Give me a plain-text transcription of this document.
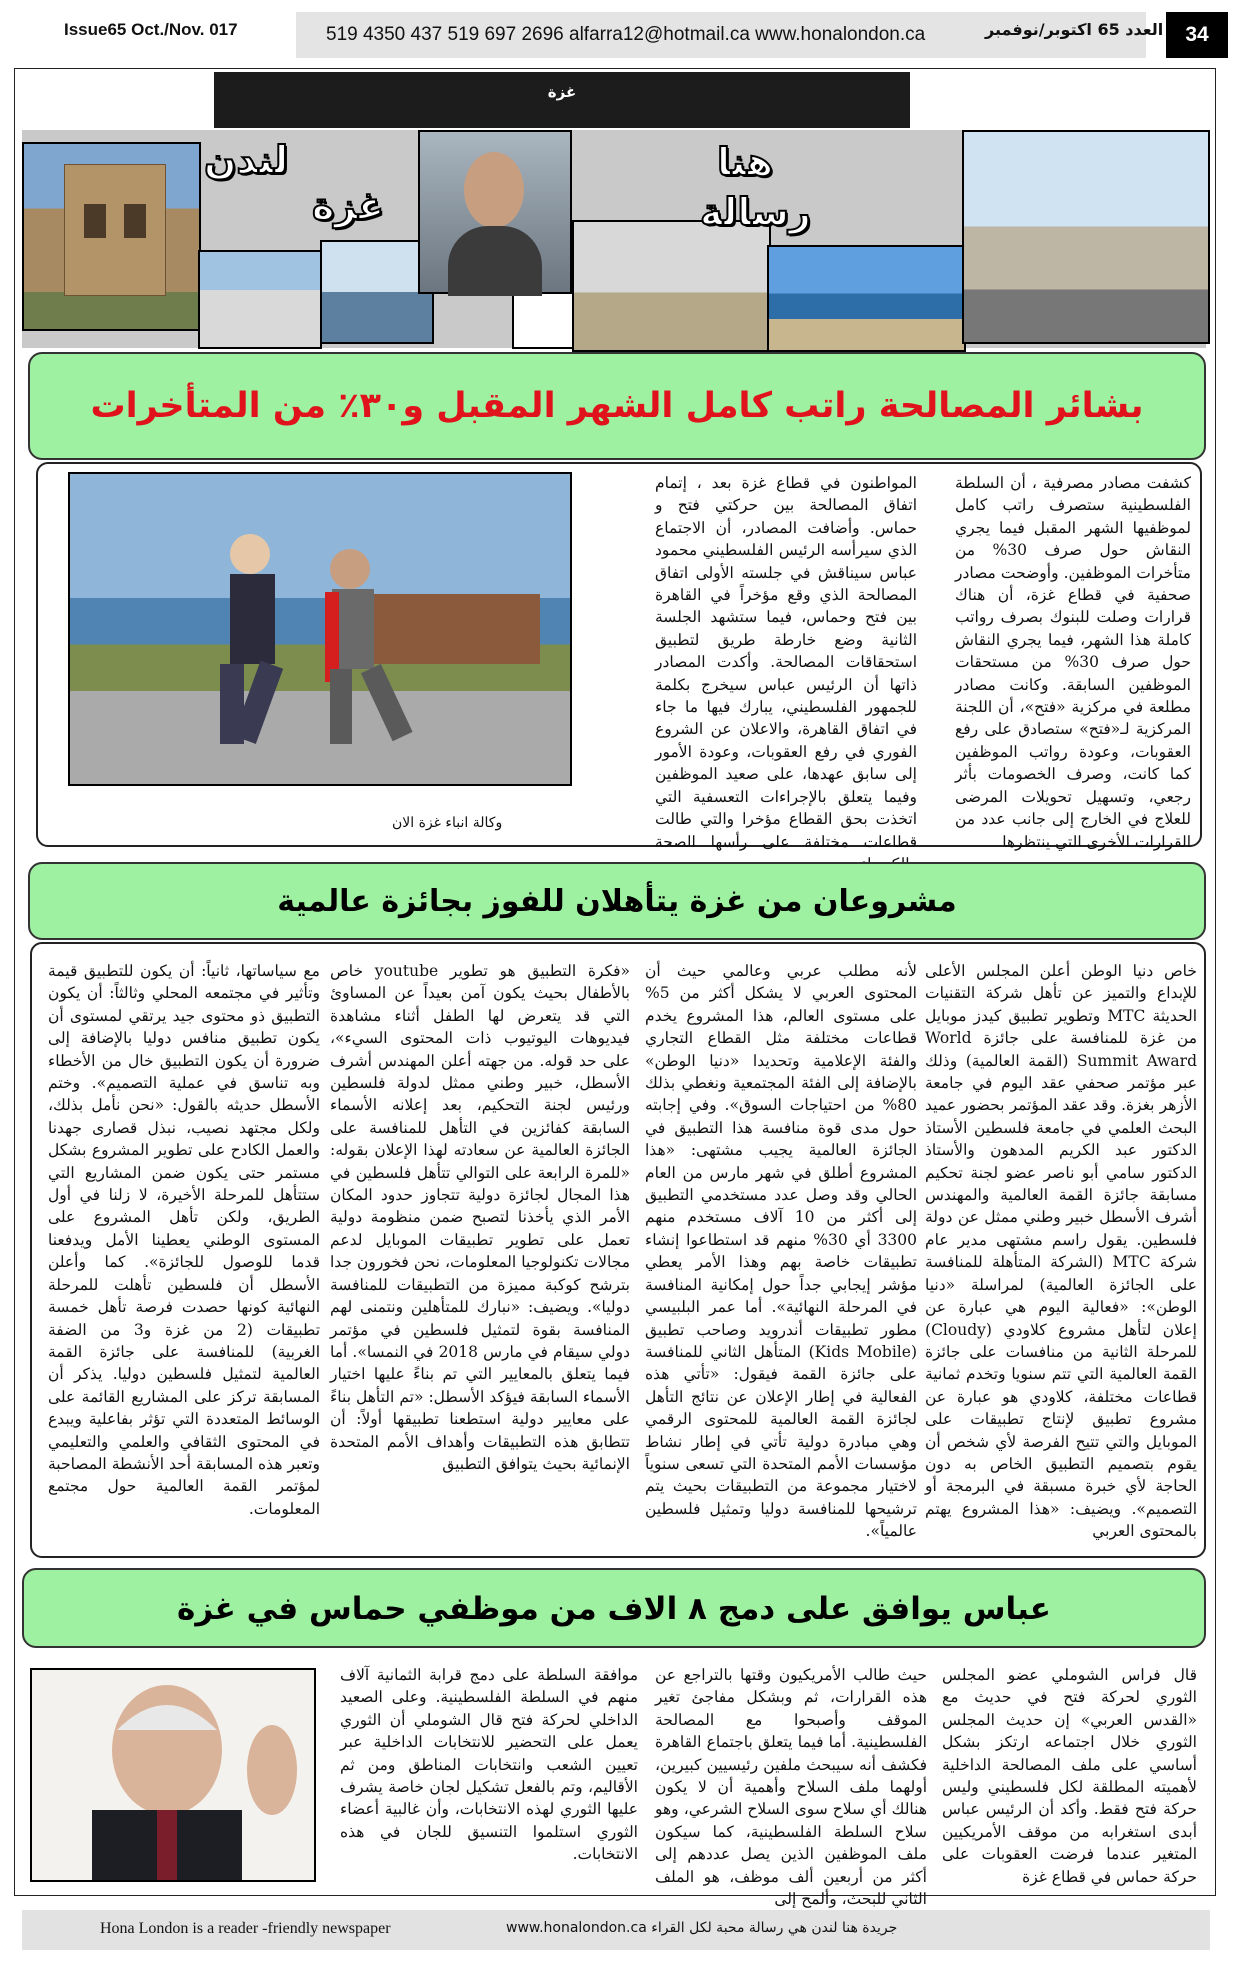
Issue65 Oct./Nov. 017	519 4350 437 519 697 2696 alfarra12@hotmail.ca www.honalondon.ca	العدد 65 اكتوبر/نوفمبر	34
غزة
لندن
غزة
هنا
رسالة
بشائر المصالحة راتب كامل الشهر المقبل و٣٠٪ من المتأخرات
كشفت مصادر مصرفية ، أن السلطة الفلسطينية ستصرف راتب كامل لموظفيها الشهر المقبل فيما يجري النقاش حول صرف 30% من متأخرات الموظفين. وأوضحت مصادر صحفية في قطاع غزة، أن هناك قرارات وصلت للبنوك بصرف رواتب كاملة هذا الشهر، فيما يجري النقاش حول صرف 30% من مستحقات الموظفين السابقة. وكانت مصادر مطلعة في مركزية «فتح»، أن اللجنة المركزية لـ«فتح» ستصادق على رفع العقوبات، وعودة رواتب الموظفين كما كانت، وصرف الخصومات بأثر رجعي، وتسهيل تحويلات المرضى للعلاج في الخارج إلى جانب عدد من القرارات الأخرى التي ينتظرها
المواطنون في قطاع غزة بعد ، إتمام اتفاق المصالحة بين حركتي فتح و حماس. وأضافت المصادر، أن الاجتماع الذي سيرأسه الرئيس الفلسطيني محمود عباس سيناقش في جلسته الأولى اتفاق المصالحة الذي وقع مؤخراً في القاهرة بين فتح وحماس، فيما ستشهد الجلسة الثانية وضع خارطة طريق لتطبيق استحقاقات المصالحة. وأكدت المصادر ذاتها أن الرئيس عباس سيخرج بكلمة للجمهور الفلسطيني، يبارك فيها ما جاء في اتفاق القاهرة، والاعلان عن الشروع الفوري في رفع العقوبات، وعودة الأمور إلى سابق عهدها، على صعيد الموظفين وفيما يتعلق بالإجراءات التعسفية التي اتخذت بحق القطاع مؤخرا والتي طالت قطاعات مختلفة على رأسها الصحة
وكالة انباء غزة الان
مشروعان من غزة يتأهلان للفوز بجائزة عالمية
خاص دنيا الوطن أعلن المجلس الأعلى للإبداع والتميز عن تأهل شركة التقنيات الحديثة MTC وتطوير تطبيق كيدز موبايل من غزة للمنافسة على جائزة World Summit Award (القمة العالمية) وذلك عبر مؤتمر صحفي عقد اليوم في جامعة الأزهر بغزة. وقد عقد المؤتمر بحضور عميد البحث العلمي في جامعة فلسطين الأستاذ الدكتور عبد الكريم المدهون والأستاذ الدكتور سامي أبو ناصر عضو لجنة تحكيم مسابقة جائزة القمة العالمية والمهندس أشرف الأسطل خبير وطني ممثل عن دولة فلسطين. يقول راسم مشتهى مدير عام شركة MTC (الشركة المتأهلة للمنافسة على الجائزة العالمية) لمراسلة «دنيا الوطن»: «فعالية اليوم هي عبارة عن إعلان لتأهل مشروع كلاودي (Cloudy) للمرحلة الثانية من منافسات على جائزة القمة العالمية التي تتم سنويا وتخدم ثمانية قطاعات مختلفة، كلاودي هو عبارة عن مشروع تطبيق لإنتاج تطبيقات على الموبايل والتي تتيح الفرصة لأي شخص أن يقوم بتصميم التطبيق الخاص به دون الحاجة لأي خبرة مسبقة في البرمجة أو التصميم». ويضيف: «هذا المشروع يهتم بالمحتوى العربي
لأنه مطلب عربي وعالمي حيث أن المحتوى العربي لا يشكل أكثر من 5% على مستوى العالم، هذا المشروع يخدم قطاعات مختلفة مثل القطاع التجاري والفئة الإعلامية وتحديدا «دنيا الوطن» بالإضافة إلى الفئة المجتمعية ونغطي بذلك 80% من احتياجات السوق». وفي إجابته حول مدى قوة منافسة هذا التطبيق في الجائزة العالمية يجيب مشتهى: «هذا المشروع أطلق في شهر مارس من العام الحالي وقد وصل عدد مستخدمي التطبيق إلى أكثر من 10 آلاف مستخدم منهم 3300 أي 30% منهم قد استطاعوا إنشاء تطبيقات خاصة بهم وهذا الأمر يعطي مؤشر إيجابي جداً حول إمكانية المنافسة في المرحلة النهائية». أما عمر البلبيسي مطور تطبيقات أندرويد وصاحب تطبيق (Kids Mobile) المتأهل الثاني للمنافسة على جائزة القمة فيقول: «تأتي هذه الفعالية في إطار الإعلان عن نتائج التأهل لجائزة القمة العالمية للمحتوى الرقمي وهي مبادرة دولية تأتي في إطار نشاط مؤسسات الأمم المتحدة التي تسعى سنوياً لاختيار مجموعة من التطبيقات بحيث يتم ترشيحها للمنافسة دوليا وتمثيل فلسطين عالمياً».
«فكرة التطبيق هو تطوير youtube خاص بالأطفال بحيث يكون آمن بعيداً عن المساوئ التي قد يتعرض لها الطفل أثناء مشاهدة فيديوهات اليوتيوب ذات المحتوى السيء»، على حد قوله. من جهته أعلن المهندس أشرف الأسطل، خبير وطني ممثل لدولة فلسطين ورئيس لجنة التحكيم، بعد إعلانه الأسماء السابقة كفائزين في التأهل للمنافسة على الجائزة العالمية عن سعادته لهذا الإعلان بقوله: «للمرة الرابعة على التوالي تتأهل فلسطين في هذا المجال لجائزة دولية تتجاوز حدود المكان الأمر الذي يأخذنا لتصبح ضمن منظومة دولية تعمل على تطوير تطبيقات الموبايل لدعم مجالات تكنولوجيا المعلومات، نحن فخورون جدا بترشح كوكبة مميزة من التطبيقات للمنافسة دوليا». ويضيف: «نبارك للمتأهلين ونتمنى لهم المنافسة بقوة لتمثيل فلسطين في مؤتمر دولي سيقام في مارس 2018 في النمسا». أما فيما يتعلق بالمعايير التي تم بناءً عليها اختيار الأسماء السابقة فيؤكد الأسطل: «تم التأهل بناءً على معايير دولية استطعنا تطبيقها أولاً: أن تتطابق هذه التطبيقات وأهداف الأمم المتحدة الإنمائية بحيث يتوافق التطبيق
مع سياساتها، ثانياً: أن يكون للتطبيق قيمة وتأثير في مجتمعه المحلي وثالثاً: أن يكون التطبيق ذو محتوى جيد يرتقي لمستوى أن يكون تطبيق منافس دوليا بالإضافة إلى ضرورة أن يكون التطبيق خال من الأخطاء وبه تناسق في عملية التصميم». وختم الأسطل حديثه بالقول: «نحن نأمل بذلك، ولكل مجتهد نصيب، نبذل قصارى جهدنا والعمل الكادح على تطوير المشروع بشكل مستمر حتى يكون ضمن المشاريع التي ستتأهل للمرحلة الأخيرة، لا زلنا في أول الطريق، ولكن تأهل المشروع على المستوى الوطني يعطينا الأمل ويدفعنا قدما للوصول للجائزة». كما وأعلن الأسطل أن فلسطين تأهلت للمرحلة النهائية كونها حصدت فرصة تأهل خمسة تطبيقات (2 من غزة و3 من الضفة الغربية) للمنافسة على جائزة القمة العالمية لتمثيل فلسطين دوليا. يذكر أن المسابقة تركز على المشاريع القائمة على الوسائط المتعددة التي تؤثر بفاعلية ويبدع في المحتوى الثقافي والعلمي والتعليمي وتعبر هذه المسابقة أحد الأنشطة المصاحبة لمؤتمر القمة العالمية حول مجتمع المعلومات.
عباس يوافق على دمج ٨ الاف من موظفي حماس في غزة
قال فراس الشوملي عضو المجلس الثوري لحركة فتح في حديث مع «القدس العربي» إن حديث المجلس الثوري خلال اجتماعه ارتكز بشكل أساسي على ملف المصالحة الداخلية لأهميته المطلقة لكل فلسطيني وليس حركة فتح فقط. وأكد أن الرئيس عباس أبدى استغرابه من موقف الأمريكيين المتغير عندما فرضت العقوبات على حركة حماس في قطاع غزة
حيث طالب الأمريكيون وقتها بالتراجع عن هذه القرارات، ثم وبشكل مفاجئ تغير الموقف وأصبحوا مع المصالحة الفلسطينية. أما فيما يتعلق باجتماع القاهرة فكشف أنه سيبحث ملفين رئيسيين كبيرين، أولهما ملف السلاح وأهمية أن لا يكون هنالك أي سلاح سوى السلاح الشرعي، وهو سلاح السلطة الفلسطينية، كما سيكون ملف الموظفين الذين يصل عددهم إلى أكثر من أربعين ألف موظف، هو الملف الثاني للبحث، وألمح إلى
موافقة السلطة على دمج قرابة الثمانية آلاف منهم في السلطة الفلسطينية. وعلى الصعيد الداخلي لحركة فتح قال الشوملي أن الثوري يعمل على التحضير للانتخابات الداخلية عبر تعيين الشعب وانتخابات المناطق ومن ثم الأقاليم، وتم بالفعل تشكيل لجان خاصة يشرف عليها الثوري لهذه الانتخابات، وأن غالبية أعضاء الثوري استلموا التنسيق للجان في هذه الانتخابات.
Hona London is a reader -friendly newspaper	جريدة هنا لندن هي رسالة محبة لكل القراء www.honalondon.ca
